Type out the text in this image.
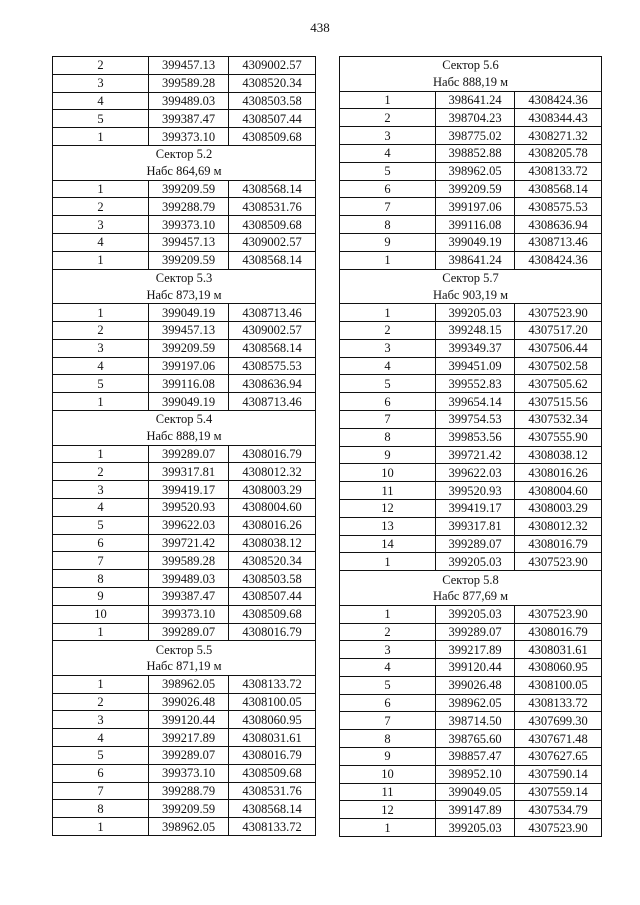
438
2	399457.13	4309002.57
3	399589.28	4308520.34
4	399489.03	4308503.58
5	399387.47	4308507.44
1	399373.10	4308509.68
Сектор 5.2		
Набс 864,69 м		
1	399209.59	4308568.14
2	399288.79	4308531.76
3	399373.10	4308509.68
4	399457.13	4309002.57
1	399209.59	4308568.14
Сектор 5.3		
Набс 873,19 м		
1	399049.19	4308713.46
2	399457.13	4309002.57
3	399209.59	4308568.14
4	399197.06	4308575.53
5	399116.08	4308636.94
1	399049.19	4308713.46
Сектор 5.4		
Набс 888,19 м		
1	399289.07	4308016.79
2	399317.81	4308012.32
3	399419.17	4308003.29
4	399520.93	4308004.60
5	399622.03	4308016.26
6	399721.42	4308038.12
7	399589.28	4308520.34
8	399489.03	4308503.58
9	399387.47	4308507.44
10	399373.10	4308509.68
1	399289.07	4308016.79
Сектор 5.5		
Набс 871,19 м		
1	398962.05	4308133.72
2	399026.48	4308100.05
3	399120.44	4308060.95
4	399217.89	4308031.61
5	399289.07	4308016.79
6	399373.10	4308509.68
7	399288.79	4308531.76
8	399209.59	4308568.14
1	398962.05	4308133.72
Сектор 5.6		
Набс 888,19 м		
1	398641.24	4308424.36
2	398704.23	4308344.43
3	398775.02	4308271.32
4	398852.88	4308205.78
5	398962.05	4308133.72
6	399209.59	4308568.14
7	399197.06	4308575.53
8	399116.08	4308636.94
9	399049.19	4308713.46
1	398641.24	4308424.36
Сектор 5.7		
Набс 903,19 м		
1	399205.03	4307523.90
2	399248.15	4307517.20
3	399349.37	4307506.44
4	399451.09	4307502.58
5	399552.83	4307505.62
6	399654.14	4307515.56
7	399754.53	4307532.34
8	399853.56	4307555.90
9	399721.42	4308038.12
10	399622.03	4308016.26
11	399520.93	4308004.60
12	399419.17	4308003.29
13	399317.81	4308012.32
14	399289.07	4308016.79
1	399205.03	4307523.90
Сектор 5.8		
Набс 877,69 м		
1	399205.03	4307523.90
2	399289.07	4308016.79
3	399217.89	4308031.61
4	399120.44	4308060.95
5	399026.48	4308100.05
6	398962.05	4308133.72
7	398714.50	4307699.30
8	398765.60	4307671.48
9	398857.47	4307627.65
10	398952.10	4307590.14
11	399049.05	4307559.14
12	399147.89	4307534.79
1	399205.03	4307523.90
